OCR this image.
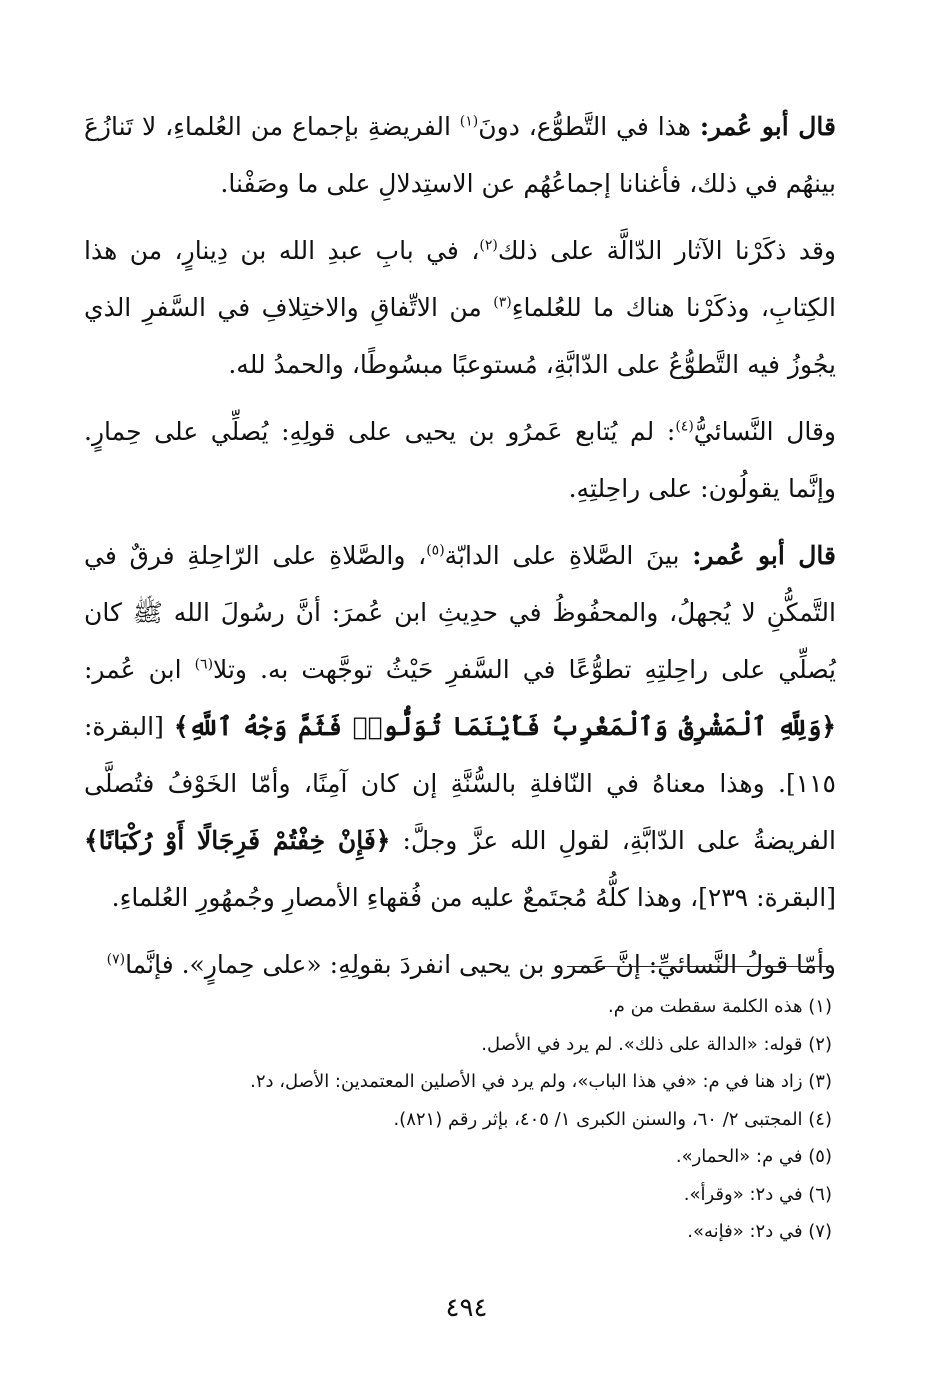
قال أبو عُمر: هذا في التَّطوُّع، دونَ$^{(١)}$ الفريضةِ بإجماع من العُلماءِ، لا تَنازُعَ بينهُم في ذلك، فأغنانا إجماعُهُم عن الاستِدلالِ على ما وصَفْنا.

وقد ذكَرْنا الآثار الدّالَّة على ذلك$^{(٢)}$، في بابِ عبدِ الله بن دِينارٍ، من هذا الكِتابِ، وذكَرْنا هناك ما للعُلماءِ$^{(٣)}$ من الاتِّفاقِ والاختِلافِ في السَّفرِ الذي يجُوزُ فيه التَّطوُّعُ على الدّابَّةِ، مُستوعبًا مبسُوطًا، والحمدُ لله.

وقال النَّسائيُّ$^{(٤)}$: لم يُتابع عَمرُو بن يحيى على قولِهِ: يُصلِّي على حِمارٍ. وإنَّما يقولُون: على راحِلتِهِ.

قال أبو عُمر: بينَ الصَّلاةِ على الدابّة$^{(٥)}$، والصَّلاةِ على الرّاحِلةِ فرقٌ في التَّمكُّنِ لا يُجهلُ، والمحفُوظُ في حدِيثِ ابن عُمرَ: أنَّ رسُولَ الله ﷺ كان يُصلِّي على راحِلتِهِ تطوُّعًا في السَّفرِ حَيْثُ توجَّهت به. وتلا$^{(٦)}$ ابن عُمر: ﴿وَلِلَّهِ ٱلْمَشْرِقُ وَٱلْمَغْرِبُ فَأَيْنَمَا تُوَلُّوا۟ فَثَمَّ وَجْهُ ٱللَّهِ﴾ [البقرة: ١١٥]. وهذا معناهُ في النّافلةِ بالسُّنَّةِ إن كان آمِنًا، وأمّا الخَوْفُ فتُصلَّى الفريضةُ على الدّابَّةِ، لقولِ الله عزَّ وجلَّ: ﴿فَإِنْ خِفْتُمْ فَرِجَالًا أَوْ رُكْبَانًا﴾ [البقرة: ٢٣٩]، وهذا كلُّهُ مُجتَمعٌ عليه من فُقهاءِ الأمصارِ وجُمهُورِ العُلماءِ.

وأمّا قولُ النَّسائيِّ: إنَّ عَمرو بن يحيى انفردَ بقولِهِ: «على حِمارٍ». فإنَّما$^{(٧)}$

(١) هذه الكلمة سقطت من م.

(٢) قوله: «الدالة على ذلك». لم يرد في الأصل.

(٣) زاد هنا في م: «في هذا الباب»، ولم يرد في الأصلين المعتمدين: الأصل، د٢.

(٤) المجتبى ٢/ ٦٠، والسنن الكبرى ١/ ٤٠٥، بإثر رقم (٨٢١).

(٥) في م: «الحمار».

(٦) في د٢: «وقرأ».

(٧) في د٢: «فإنه».

٤٩٤
